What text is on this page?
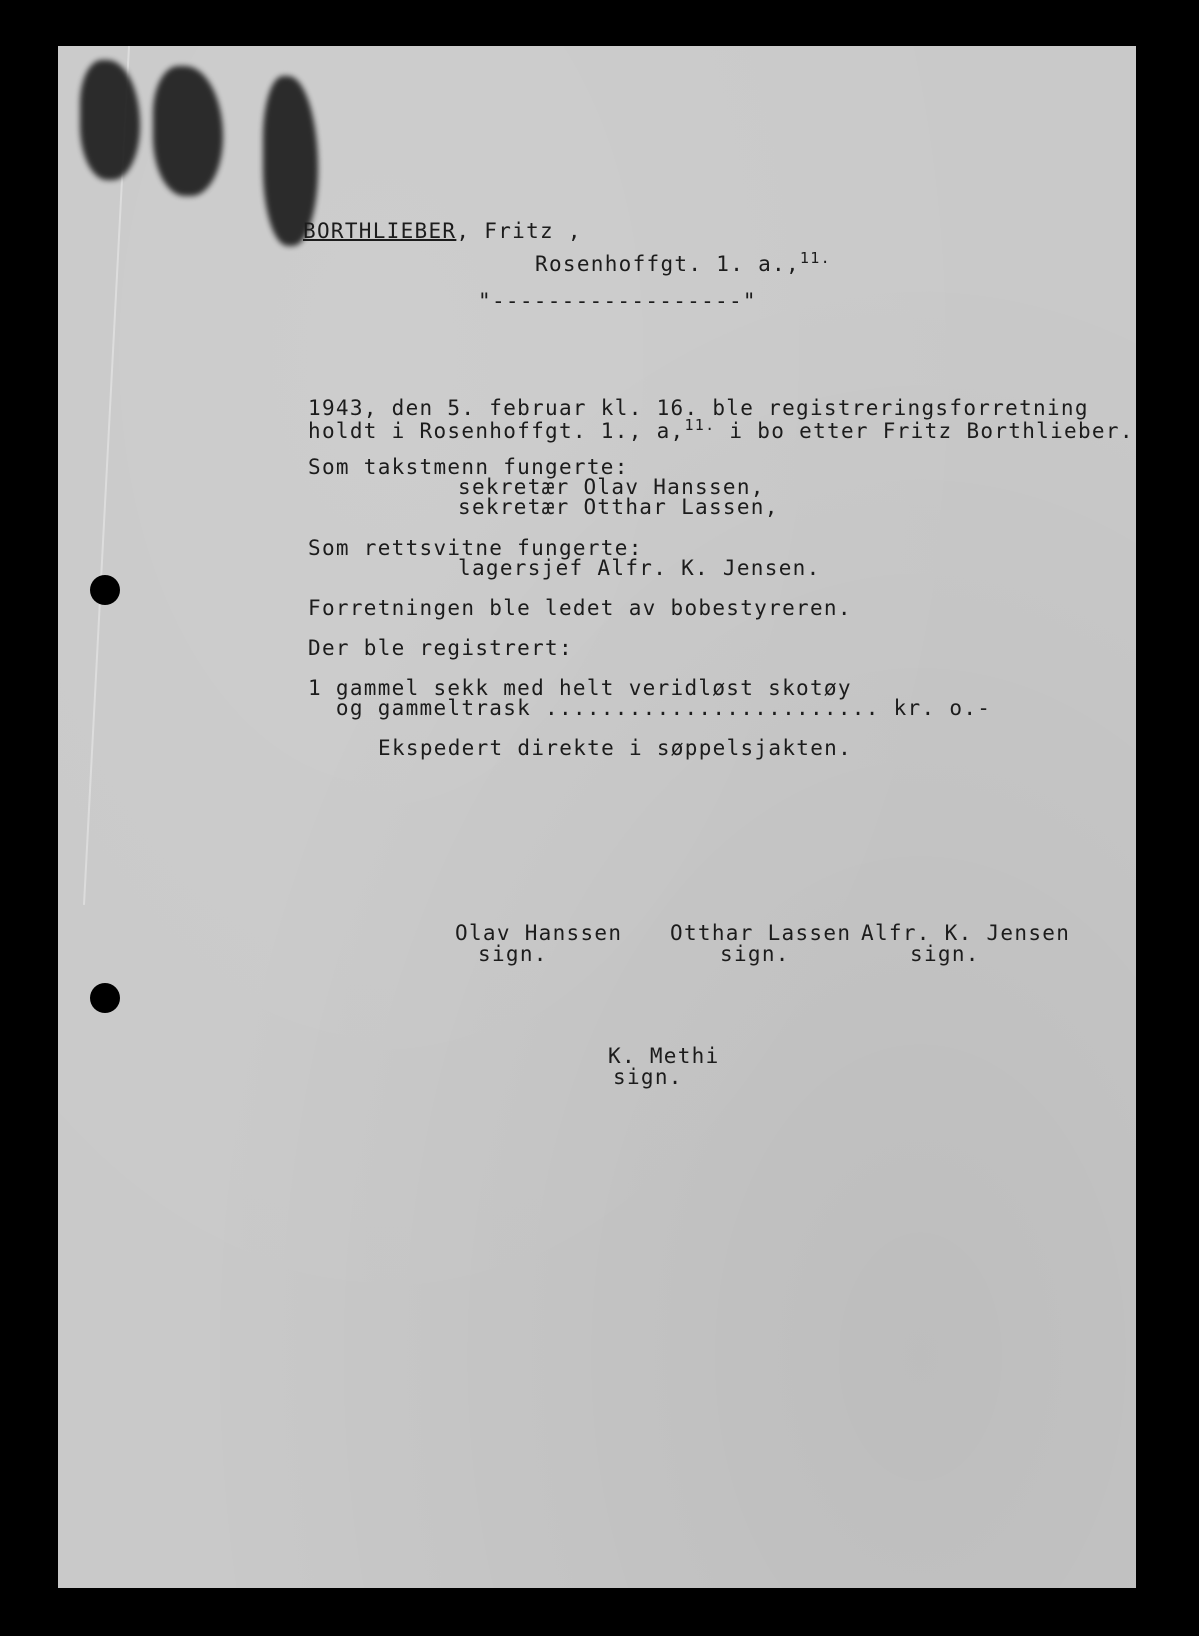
BORTHLIEBER, Fritz ,
Rosenhoffgt. 1. a.,$^{11.}$
"------------------"
1943, den 5. februar kl. 16. ble registreringsforretning
holdt i Rosenhoffgt. 1., a,$^{11.}$ i bo etter Fritz Borthlieber.
Som takstmenn fungerte:
sekretær Olav Hanssen,
sekretær Otthar Lassen,
Som rettsvitne fungerte:
lagersjef Alfr. K. Jensen.
Forretningen ble ledet av bobestyreren.
Der ble registrert:
1 gammel sekk med helt veridløst skotøy
og gammeltrask ........................ kr. o.-
Ekspedert direkte i søppelsjakten.
Olav Hanssen
sign.
Otthar Lassen
sign.
Alfr. K. Jensen
sign.
K. Methi
sign.
